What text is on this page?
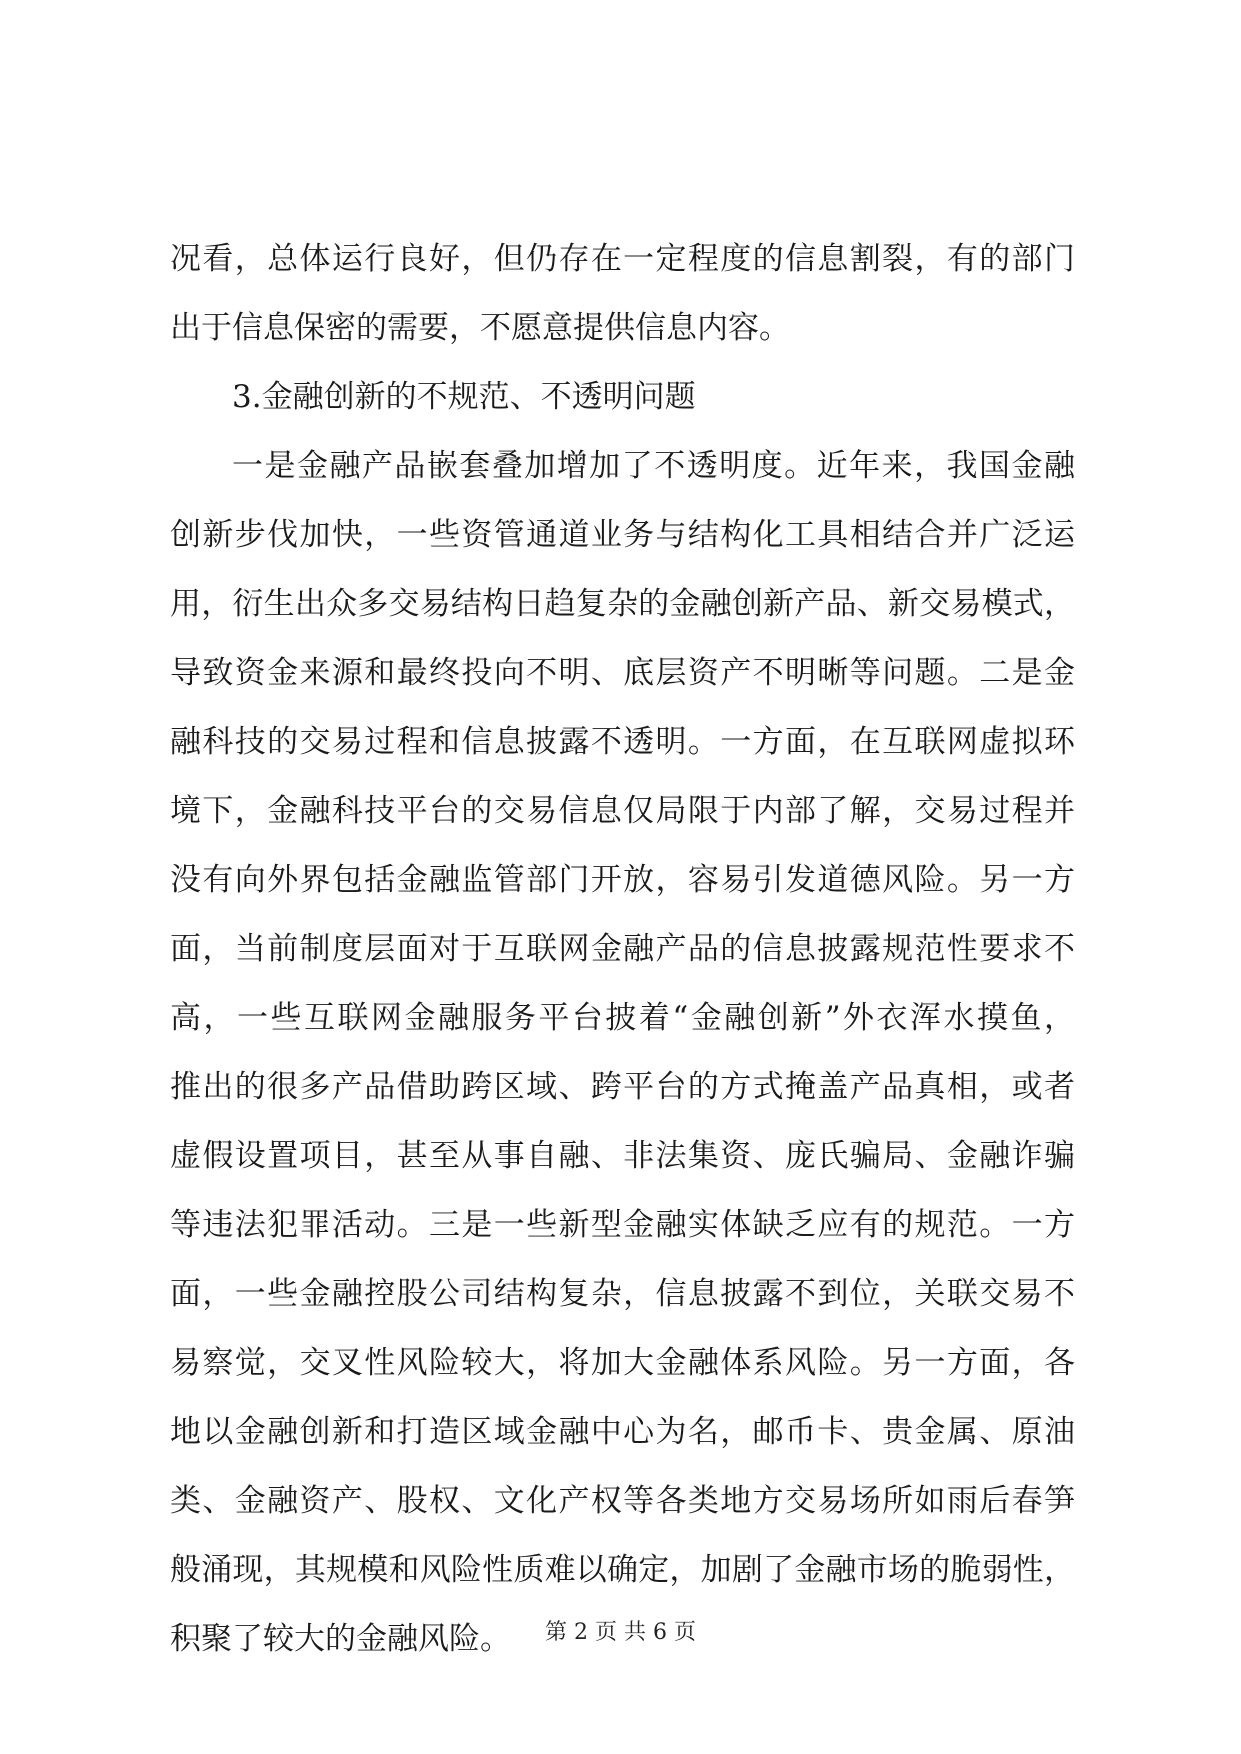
况看，总体运行良好，但仍存在一定程度的信息割裂，有的部门
出于信息保密的需要，不愿意提供信息内容。
3.金融创新的不规范、不透明问题
一是金融产品嵌套叠加增加了不透明度。近年来，我国金融
创新步伐加快，一些资管通道业务与结构化工具相结合并广泛运
用，衍生出众多交易结构日趋复杂的金融创新产品、新交易模式，
导致资金来源和最终投向不明、底层资产不明晰等问题。二是金
融科技的交易过程和信息披露不透明。一方面，在互联网虚拟环
境下，金融科技平台的交易信息仅局限于内部了解，交易过程并
没有向外界包括金融监管部门开放，容易引发道德风险。另一方
面，当前制度层面对于互联网金融产品的信息披露规范性要求不
高，一些互联网金融服务平台披着“金融创新”外衣浑水摸鱼，
推出的很多产品借助跨区域、跨平台的方式掩盖产品真相，或者
虚假设置项目，甚至从事自融、非法集资、庞氏骗局、金融诈骗
等违法犯罪活动。三是一些新型金融实体缺乏应有的规范。一方
面，一些金融控股公司结构复杂，信息披露不到位，关联交易不
易察觉，交叉性风险较大，将加大金融体系风险。另一方面，各
地以金融创新和打造区域金融中心为名，邮币卡、贵金属、原油
类、金融资产、股权、文化产权等各类地方交易场所如雨后春笋
般涌现，其规模和风险性质难以确定，加剧了金融市场的脆弱性，
积聚了较大的金融风险。	第 2 页 共 6 页
